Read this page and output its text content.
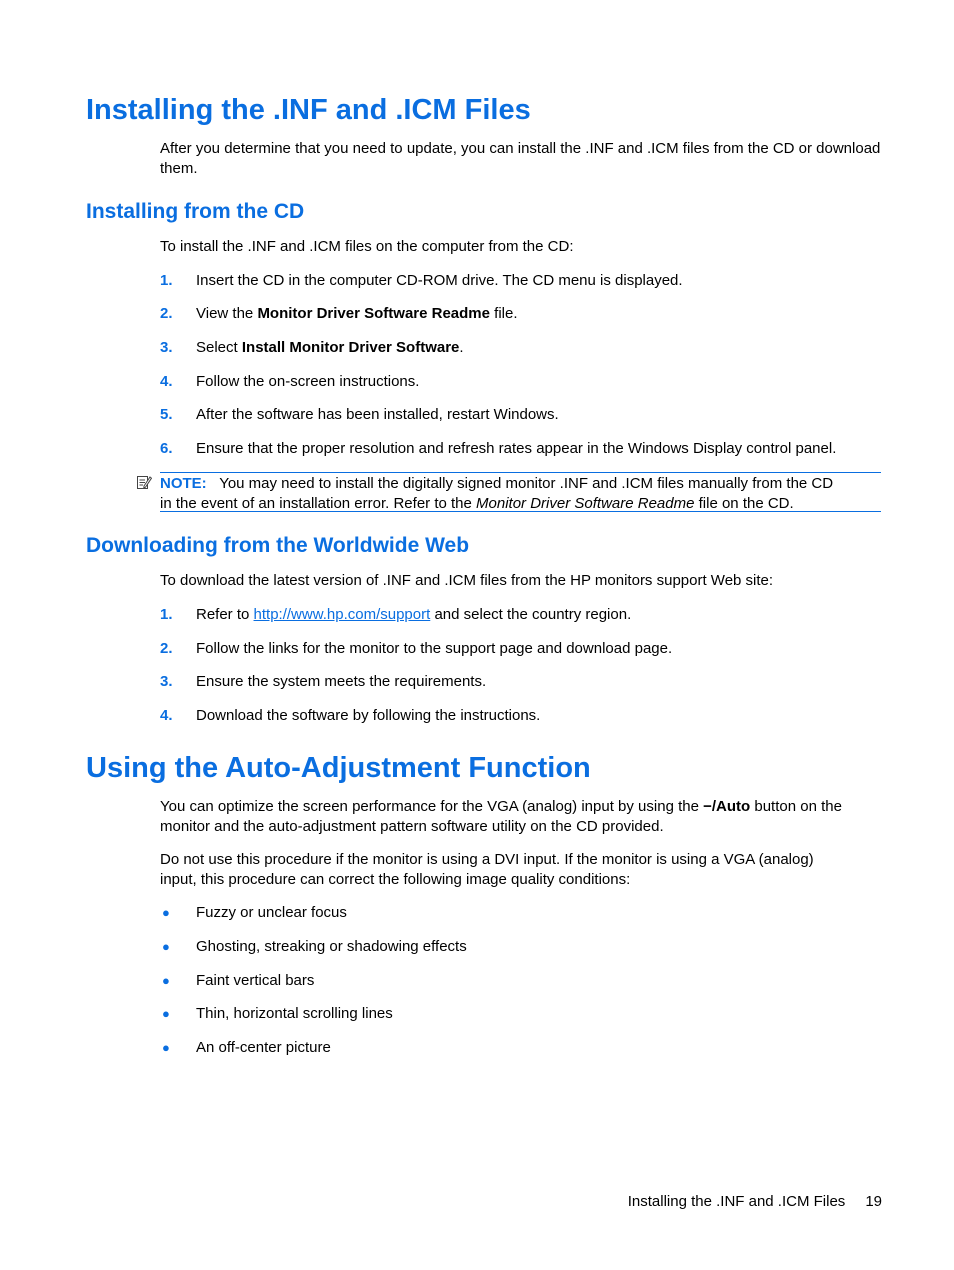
Installing the .INF and .ICM Files

After you determine that you need to update, you can install the .INF and .ICM files from the CD or download them.

Installing from the CD

To install the .INF and .ICM files on the computer from the CD:

1. Insert the CD in the computer CD-ROM drive. The CD menu is displayed.
2. View the Monitor Driver Software Readme file.
3. Select Install Monitor Driver Software.
4. Follow the on-screen instructions.
5. After the software has been installed, restart Windows.
6. Ensure that the proper resolution and refresh rates appear in the Windows Display control panel.
NOTE: You may need to install the digitally signed monitor .INF and .ICM files manually from the CD
in the event of an installation error. Refer to the Monitor Driver Software Readme file on the CD.
Downloading from the Worldwide Web

To download the latest version of .INF and .ICM files from the HP monitors support Web site:

1. Refer to http://www.hp.com/support and select the country region.
2. Follow the links for the monitor to the support page and download page.
3. Ensure the system meets the requirements.
4. Download the software by following the instructions.
Using the Auto-Adjustment Function

You can optimize the screen performance for the VGA (analog) input by using the −/Auto button on the
monitor and the auto-adjustment pattern software utility on the CD provided.

Do not use this procedure if the monitor is using a DVI input. If the monitor is using a VGA (analog)
input, this procedure can correct the following image quality conditions:

● Fuzzy or unclear focus
● Ghosting, streaking or shadowing effects
● Faint vertical bars
● Thin, horizontal scrolling lines
● An off-center picture
Installing the .INF and .ICM Files 19
